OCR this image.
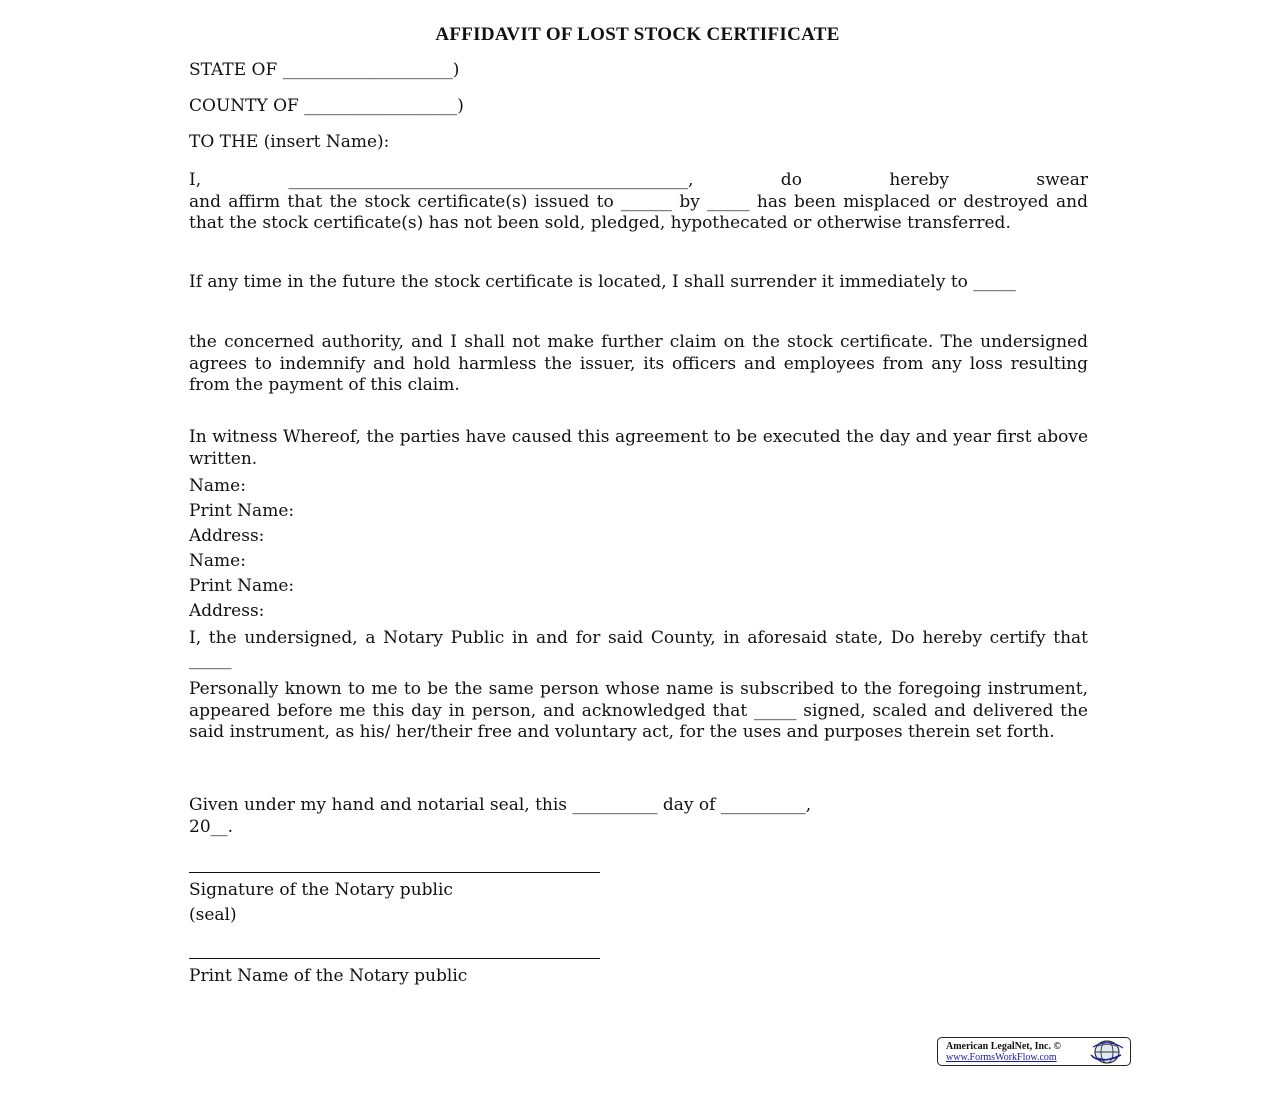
AFFIDAVIT OF LOST STOCK CERTIFICATE
STATE OF ____________________)
COUNTY OF __________________)
TO THE (insert Name):
I, _______________________________________________, do hereby swear
and affirm that the stock certificate(s) issued to ______ by _____ has been misplaced or destroyed and that the stock certificate(s) has not been sold, pledged, hypothecated or otherwise transferred.
If any time in the future the stock certificate is located, I shall surrender it immediately to _____
the concerned authority, and I shall not make further claim on the stock certificate. The undersigned agrees to indemnify and hold harmless the issuer, its officers and employees from any loss resulting from the payment of this claim.
In witness Whereof, the parties have caused this agreement to be executed the day and year first above written.
Name:
Print Name:
Address:
Name:
Print Name:
Address:
I, the undersigned, a Notary Public in and for said County, in aforesaid state, Do hereby certify that _____
Personally known to me to be the same person whose name is subscribed to the foregoing instrument, appeared before me this day in person, and acknowledged that _____ signed, scaled and delivered the said instrument, as his/ her/their free and voluntary act, for the uses and purposes therein set forth.
Given under my hand and notarial seal, this __________ day of __________,
20__.
Signature of the Notary public
(seal)
Print Name of the Notary public
American LegalNet, Inc. ©
www.FormsWorkFlow.com
